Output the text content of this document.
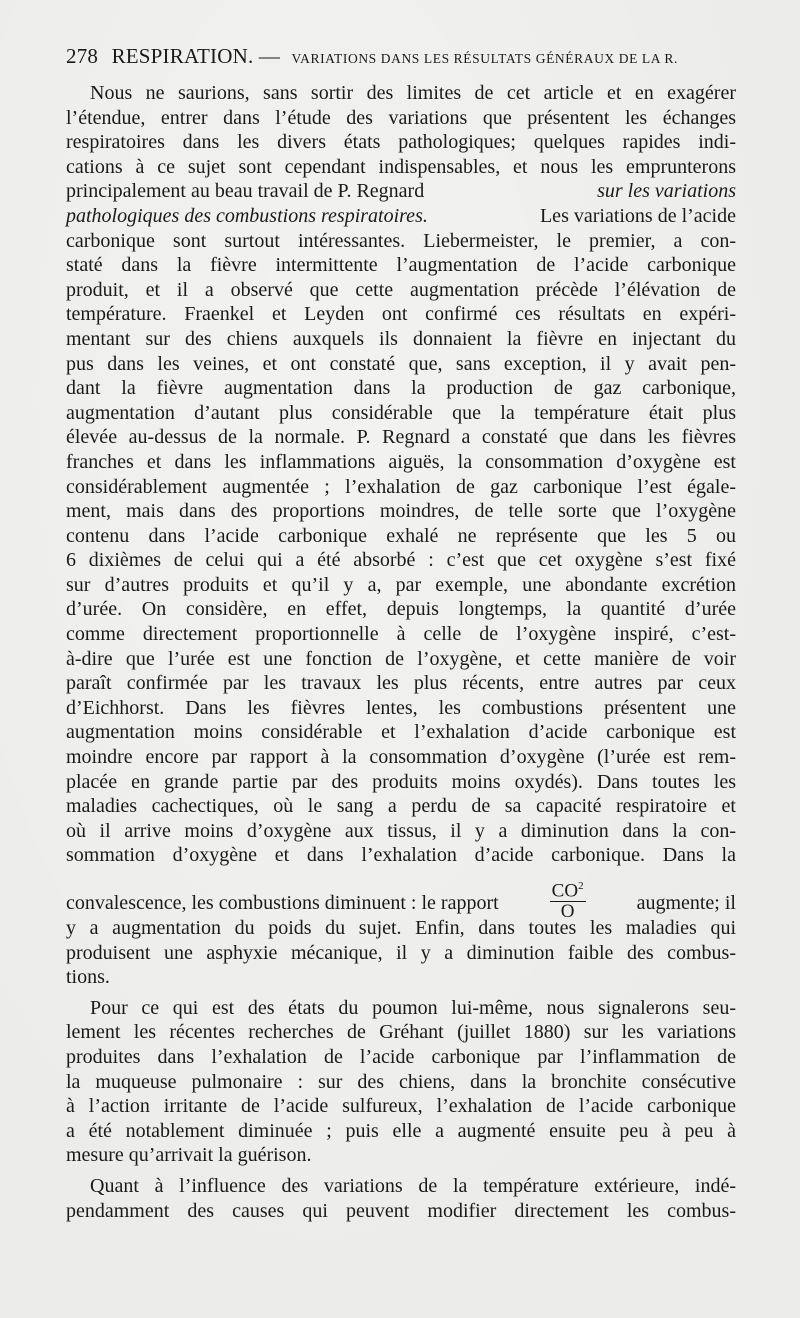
278 RESPIRATION. — VARIATIONS DANS LES RÉSULTATS GÉNÉRAUX DE LA R.
Nous ne saurions, sans sortir des limites de cet article et en exagérer
l’étendue, entrer dans l’étude des variations que présentent les échanges
respiratoires dans les divers états pathologiques; quelques rapides indi-
cations à ce sujet sont cependant indispensables, et nous les emprunterons
principalement au beau travail de P. Regnard	sur les variations
pathologiques des combustions respiratoires.	Les variations de l’acide
carbonique sont surtout intéressantes. Liebermeister, le premier, a con-
staté dans la fièvre intermittente l’augmentation de l’acide carbonique
produit, et il a observé que cette augmentation précède l’élévation de
température. Fraenkel et Leyden ont confirmé ces résultats en expéri-
mentant sur des chiens auxquels ils donnaient la fièvre en injectant du
pus dans les veines, et ont constaté que, sans exception, il y avait pen-
dant la fièvre augmentation dans la production de gaz carbonique,
augmentation d’autant plus considérable que la température était plus
élevée au-dessus de la normale. P. Regnard a constaté que dans les fièvres
franches et dans les inflammations aiguës, la consommation d’oxygène est
considérablement augmentée ; l’exhalation de gaz carbonique l’est égale-
ment, mais dans des proportions moindres, de telle sorte que l’oxygène
contenu dans l’acide carbonique exhalé ne représente que les 5 ou
6 dixièmes de celui qui a été absorbé : c’est que cet oxygène s’est fixé
sur d’autres produits et qu’il y a, par exemple, une abondante excrétion
d’urée. On considère, en effet, depuis longtemps, la quantité d’urée
comme directement proportionnelle à celle de l’oxygène inspiré, c’est-
à-dire que l’urée est une fonction de l’oxygène, et cette manière de voir
paraît confirmée par les travaux les plus récents, entre autres par ceux
d’Eichhorst. Dans les fièvres lentes, les combustions présentent une
augmentation moins considérable et l’exhalation d’acide carbonique est
moindre encore par rapport à la consommation d’oxygène (l’urée est rem-
placée en grande partie par des produits moins oxydés). Dans toutes les
maladies cachectiques, où le sang a perdu de sa capacité respiratoire et
où il arrive moins d’oxygène aux tissus, il y a diminution dans la con-
sommation d’oxygène et dans l’exhalation d’acide carbonique. Dans la
convalescence, les combustions diminuent : le rapport	$\frac{CO^2}{O}$	augmente; il
y a augmentation du poids du sujet. Enfin, dans toutes les maladies qui
produisent une asphyxie mécanique, il y a diminution faible des combus-
tions.
Pour ce qui est des états du poumon lui-même, nous signalerons seu-
lement les récentes recherches de Gréhant (juillet 1880) sur les variations
produites dans l’exhalation de l’acide carbonique par l’inflammation de
la muqueuse pulmonaire : sur des chiens, dans la bronchite consécutive
à l’action irritante de l’acide sulfureux, l’exhalation de l’acide carbonique
a été notablement diminuée ; puis elle a augmenté ensuite peu à peu à
mesure qu’arrivait la guérison.
Quant à l’influence des variations de la température extérieure, indé-
pendamment des causes qui peuvent modifier directement les combus-
